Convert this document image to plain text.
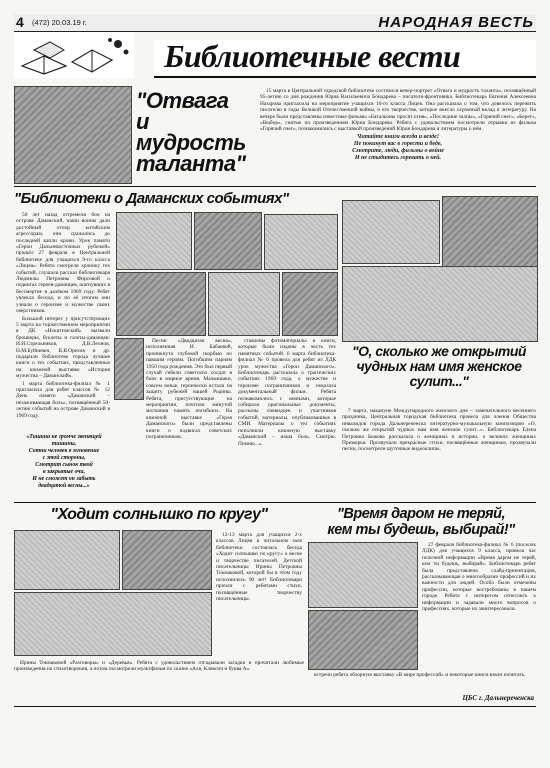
4 (472) 20.03.19 г.	НАРОДНАЯ ВЕСТЬ
Библиотечные вести
"Отвага
и мудрость
таланта"

15 марта в Центральной городской библиотеке состоялся вечер-портрет «Отвага и мудрость таланта», посвящённый 95-летию со дня рождения Юрия Васильевича Бондарева – писателя-фронтовика. Библиотекарь Евгения Алексеевна Назарова пригласила на мероприятие учащихся 10-го класса Лицея. Она рассказала о том, что довелось пережить писателю в годы Великой Отечественной войны, о его творчестве, которое внесло огромный вклад в литературу. На вечере были представлены известные фильмы «Батальоны просят огня», «Последние залпы», «Горячий снег», «Берег», «Выбор», снятые по произведениям Юрия Бондарева. Ребята с удовольствием посмотрели отрывки из фильма «Горячий снег», познакомились с выставкой произведений Юрия Бондарева и литературы о нём.

Читайте книги всегда и везде!
Не покинут вас в горести и беде,
Смотрите, люди, фильмы о войне
И не стыдитесь горевать о ней.
"Библиотеки о Даманских событиях"

50 лет назад отгремели бои на острове Даманский, наши воины дали достойный отпор китайским агрессорам, они сражались до последней капли крови. Урок памяти «Герои Дальневосточных рубежей» прошёл 27 февраля в Центральной библиотеке для учащихся 9-го класса «Лицея». Ребята смотрели хронику тех событий, слушали рассказ библиотекаря Людмилы Петровны Фирсовой о подвигах героев-даманцев, шагнувших в бессмертие в далёком 1969 году. Ребят увлекла беседа, и по её итогам они узнали о героизме и мужестве своих сверстников.

Большой интерес у присутствующих 5 марта на торжественном мероприятии в ДК «Искитимский» вызвали брошюры, буклеты и газеты-даманцев: И.И.Стрельников, Д.В.Леонов, Н.М.Буйневич, В.В.Орехов и др. подарили библиотеке города лучшие книги о тех событиях, представленные на книжной выставке «История мужества – Даманский».

1 марта библиотека-филиал № 1 пригласила для ребят классов № 12 День памяти «Даманский – незаживающая боль», посвящённый 50-летию событий на острове Даманский в 1969 году.

«Тишина не громче звенящей тишины,
Сотни человек в мгновение
с этой стороны,
Смотрит сынок твой
в закрытые очи,
И не сможет он забыть
двадцатой весны...»

Песни «Двадцатая весна», исполненная И. Бабаевой, проникнута глубокой скорбью по павшим героям. Погибшим парням 1950 года рождения. Это был первый случай гибели советских солдат в боях в мирное время. Мальчишки, совсем юные, героически встали на защиту рубежей нашей Родины. Ребята, присутствующие на мероприятии, почтили минутой молчания память погибших. На книжной выставке «Героя Даманского» были представлены книги о подвигах советских пограничников.

ставлены фотоматериалы и книги, которые были изданы в честь тех памятных событий. 6 марта библиотека-филиал № 6 провела для ребят из ЛДК урок мужества «Герои Даманского». Библиотекарь рассказала о трагических событиях 1969 года, о мужестве и героизме пограничников и показала документальный фильм. Ребята познакомились с воинами, которые собирали оригинальные документы, рассказы очевидцев и участников событий, материалы, опубликованные в СМИ. Материалы о тех событиях пополнили книжную выставку «Даманский – наша боль. Смотрю. Помню...».

"О, сколько же открытий чудных нам имя женское сулит..."

7 марта, накануне Международного женского дня – замечательного весеннего праздника, Центральная городская библиотека провела для членов Общества инвалидов города Дальнереченска литературно-музыкальную композицию «О, сколько же открытий чудных нам имя женское сулит...». Библиотекарь Елена Петровна Быкова рассказала о женщинах в истории, о великих женщинах Приморья. Прозвучали прекрасные стихи, посвящённые женщинам, прозвучали песни, посмотрели шуточные видеоклипы.

"Ходит солнышко по кругу"

12-13 марта для учащихся 2-х классов Лицея в читальном зале библиотеки состоялась беседа «Ходит солнышко по кругу» о весне и творчестве писателей. Детской писательницы Ирины Петровны Токмаковой, которой бы в этом году исполнилось 90 лет! Библиотекари прочли с ребятами стихи, посвящённые творчеству писательницы.

Ирины Токмаковой «Разговоры» и «Деревья». Ребята с удовольствием отгадывали загадки и прочитали любимые произведения на стихотворения, а потом посмотрели мультфильм по сказке «Аля, Кляксич и буква А».

"Время даром не теряй,
кем ты будешь, выбирай!"

27 февраля библиотека-филиал № 6 (поселок ЛДК) для учащихся 9 класса, провела час полезной информации «Время даром не теряй, кем ты будешь, выбирай». Библиотекарь ребят была представлена слайд-презентация, рассказывающая о многообразии профессий и их важности для людей. Особо были отмечены профессии, которые востребованы в нашем городе. Ребята с интересом отнеслись к информации и задавали много вопросов о профессиях, которые их заинтересовали.

встречи ребята обзорную выставку «В мире профессий» и некоторые книги взяли почитать.

ЦБС г. Дальнереченска
